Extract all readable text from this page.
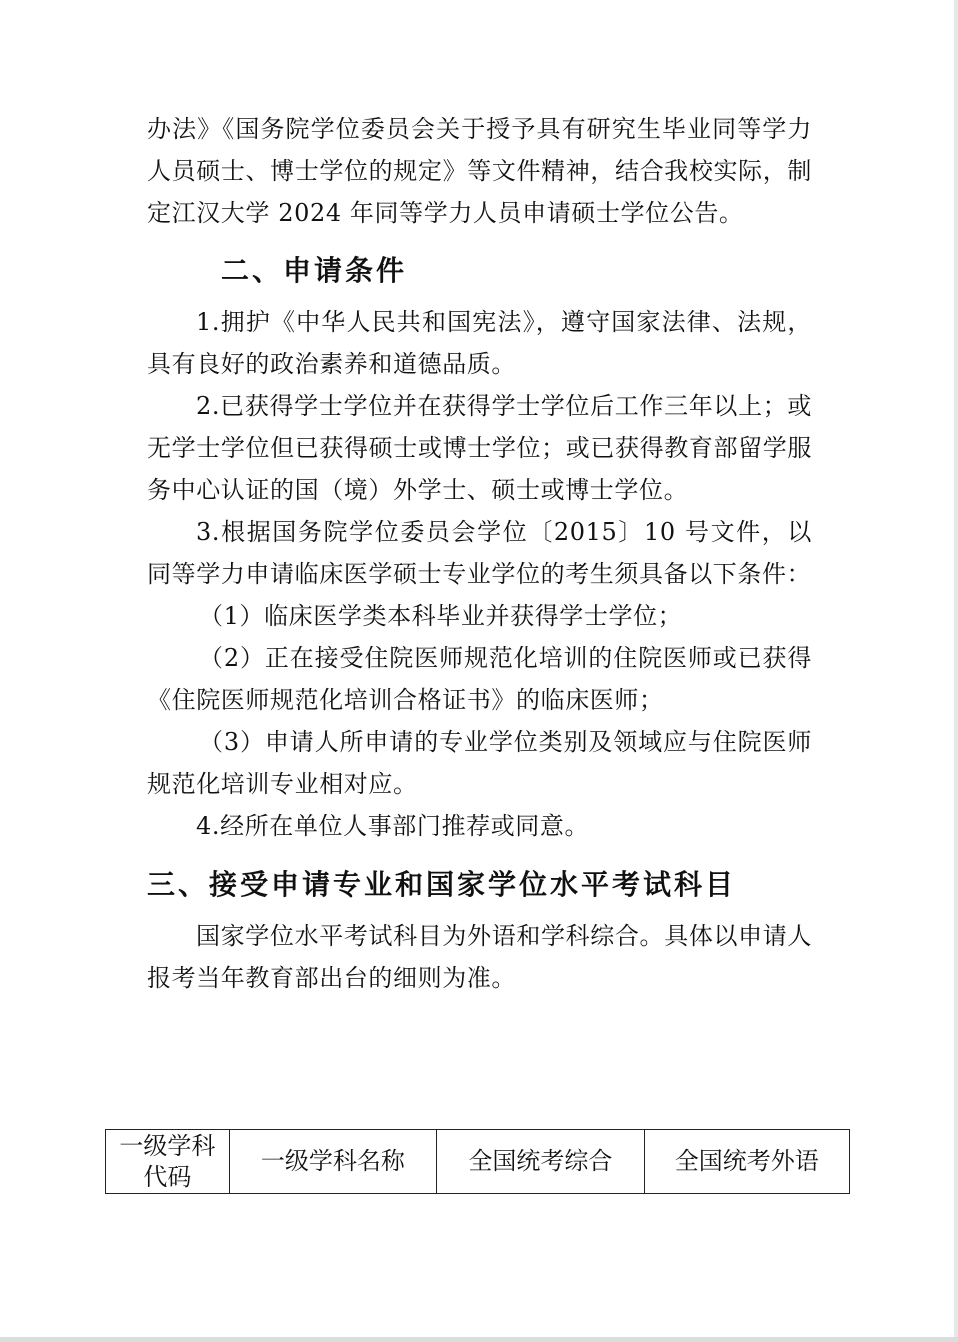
办法》《国务院学位委员会关于授予具有研究生毕业同等学力人员硕士、博士学位的规定》等文件精神，结合我校实际，制定江汉大学 2024 年同等学力人员申请硕士学位公告。

二、申请条件

1.拥护《中华人民共和国宪法》，遵守国家法律、法规，具有良好的政治素养和道德品质。

2.已获得学士学位并在获得学士学位后工作三年以上；或无学士学位但已获得硕士或博士学位；或已获得教育部留学服务中心认证的国（境）外学士、硕士或博士学位。

3.根据国务院学位委员会学位〔2015〕10 号文件，以同等学力申请临床医学硕士专业学位的考生须具备以下条件：

（1）临床医学类本科毕业并获得学士学位；

（2）正在接受住院医师规范化培训的住院医师或已获得《住院医师规范化培训合格证书》的临床医师；

（3）申请人所申请的专业学位类别及领域应与住院医师规范化培训专业相对应。

4.经所在单位人事部门推荐或同意。

三、接受申请专业和国家学位水平考试科目

国家学位水平考试科目为外语和学科综合。具体以申请人报考当年教育部出台的细则为准。

一级学科代码	一级学科名称	全国统考综合	全国统考外语
